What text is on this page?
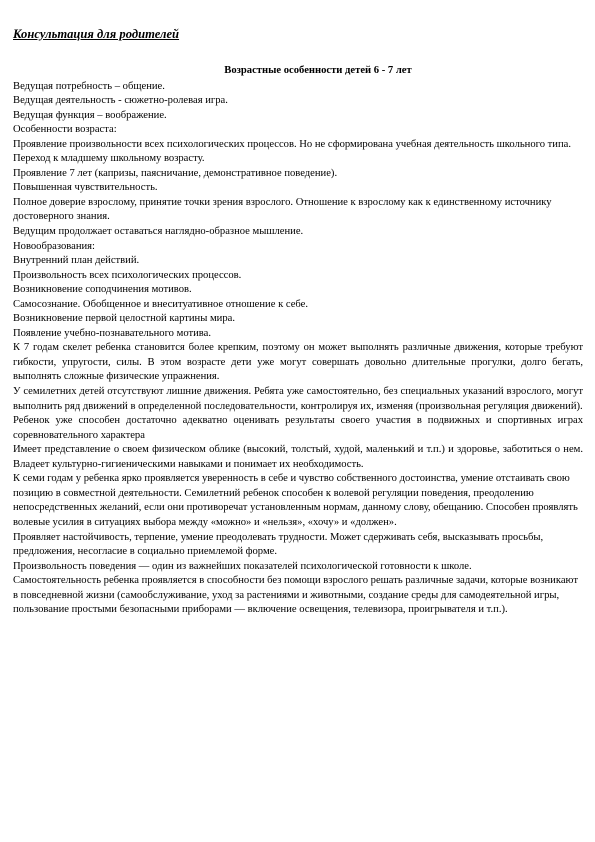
Консультация для родителей
Возрастные особенности детей 6 - 7 лет

Ведущая потребность – общение.

Ведущая деятельность - сюжетно-ролевая игра.

Ведущая функция – воображение.

Особенности возраста:

Проявление произвольности всех психологических процессов. Но не сформирована учебная деятельность школьного типа.

Переход к младшему школьному возрасту.

Проявление 7 лет (капризы, паясничание, демонстративное поведение).

Повышенная чувствительность.

Полное доверие взрослому, принятие точки зрения взрослого. Отношение к взрослому как к единственному источнику достоверного знания.

Ведущим продолжает оставаться наглядно-образное мышление.

Новообразования:

Внутренний план действий.

Произвольность всех психологических процессов.

Возникновение соподчинения мотивов.

Самосознание. Обобщенное и внеситуативное отношение к себе.

Возникновение первой целостной картины мира.

Появление учебно-познавательного мотива.

К 7 годам скелет ребенка становится более крепким, поэтому он может выполнять различные движения, которые требуют гибкости, упругости, силы. В этом возрасте дети уже могут совершать довольно длительные прогулки, долго бегать, выполнять сложные физические упражнения.

У семилетних детей отсутствуют лишние движения. Ребята уже самостоятельно, без специальных указаний взрослого, могут выполнить ряд движений в определенной последовательности, контролируя их, изменяя (произвольная регуляция движений).

Ребенок уже способен достаточно адекватно оценивать результаты своего участия в подвижных и спортивных играх соревновательного характера

Имеет представление о своем физическом облике (высокий, толстый, худой, маленький и т.п.) и здоровье, заботиться о нем. Владеет культурно-гигиеническими навыками и понимает их необходимость.

К семи годам у ребенка ярко проявляется уверенность в себе и чувство собственного достоинства, умение отстаивать свою позицию в совместной деятельности. Семилетний ребенок способен к волевой регуляции поведения, преодолению непосредственных желаний, если они противоречат установленным нормам, данному слову, обещанию. Способен проявлять волевые усилия в ситуациях выбора между «можно» и «нельзя», «хочу» и «должен».

Проявляет настойчивость, терпение, умение преодолевать трудности. Может сдерживать себя, высказывать просьбы, предложения, несогласие в социально приемлемой форме.

Произвольность поведения — один из важнейших показателей психологической готовности к школе.

Самостоятельность ребенка проявляется в способности без помощи взрослого решать различные задачи, которые возникают в повседневной жизни (самообслуживание, уход за растениями и животными, создание среды для самодеятельной игры, пользование простыми безопасными приборами — включение освещения, телевизора, проигрывателя и т.п.).
